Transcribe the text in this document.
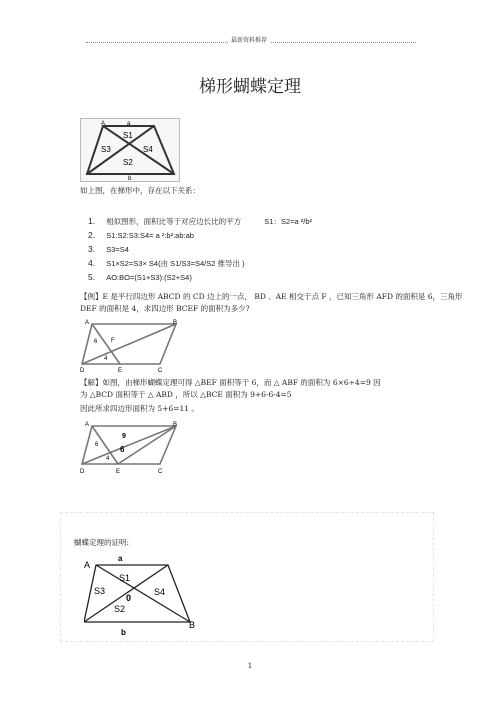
最新资料推荐
梯形蝴蝶定理
A	a
S1
S3	S4
S2
b
如上图，在梯形中，存在以下关系：
1. 相似图形，面积比等于对应边长比的平方	S1：S2=a ²/b²
2. S1:S2:S3:S4= a ²:b²:ab:ab
3. S3=S4
4. S1×S2=S3× S4(由 S1/S3=S4/S2 推导出 )
5. AO:BO=(S1+S3):(S2+S4)
【例】E 是平行四边形 ABCD 的 CD 边上的一点， BD 、AE 相交于点 F ，已知三角形 AFD 的面积是 6，三角形
DEF 的面积是 4，求四边形 BCEF 的面积为多少?
A	B
6 F
4
D	E	C
【解】如图，由梯形蝴蝶定理可得 △BEF 面积等于 6，而 △ ABF 的面积为 6×6÷4=9 因
为 △BCD 面积等于 △ ABD ，所以 △BCE 面积为 9+6-6-4=5
因此所求四边形面积为 5+6=11 。
A	B
9
6	6
4
D	E	C
蝴蝶定理的证明:
a
A
S1
S3
0
S4
S2
B
b
1
